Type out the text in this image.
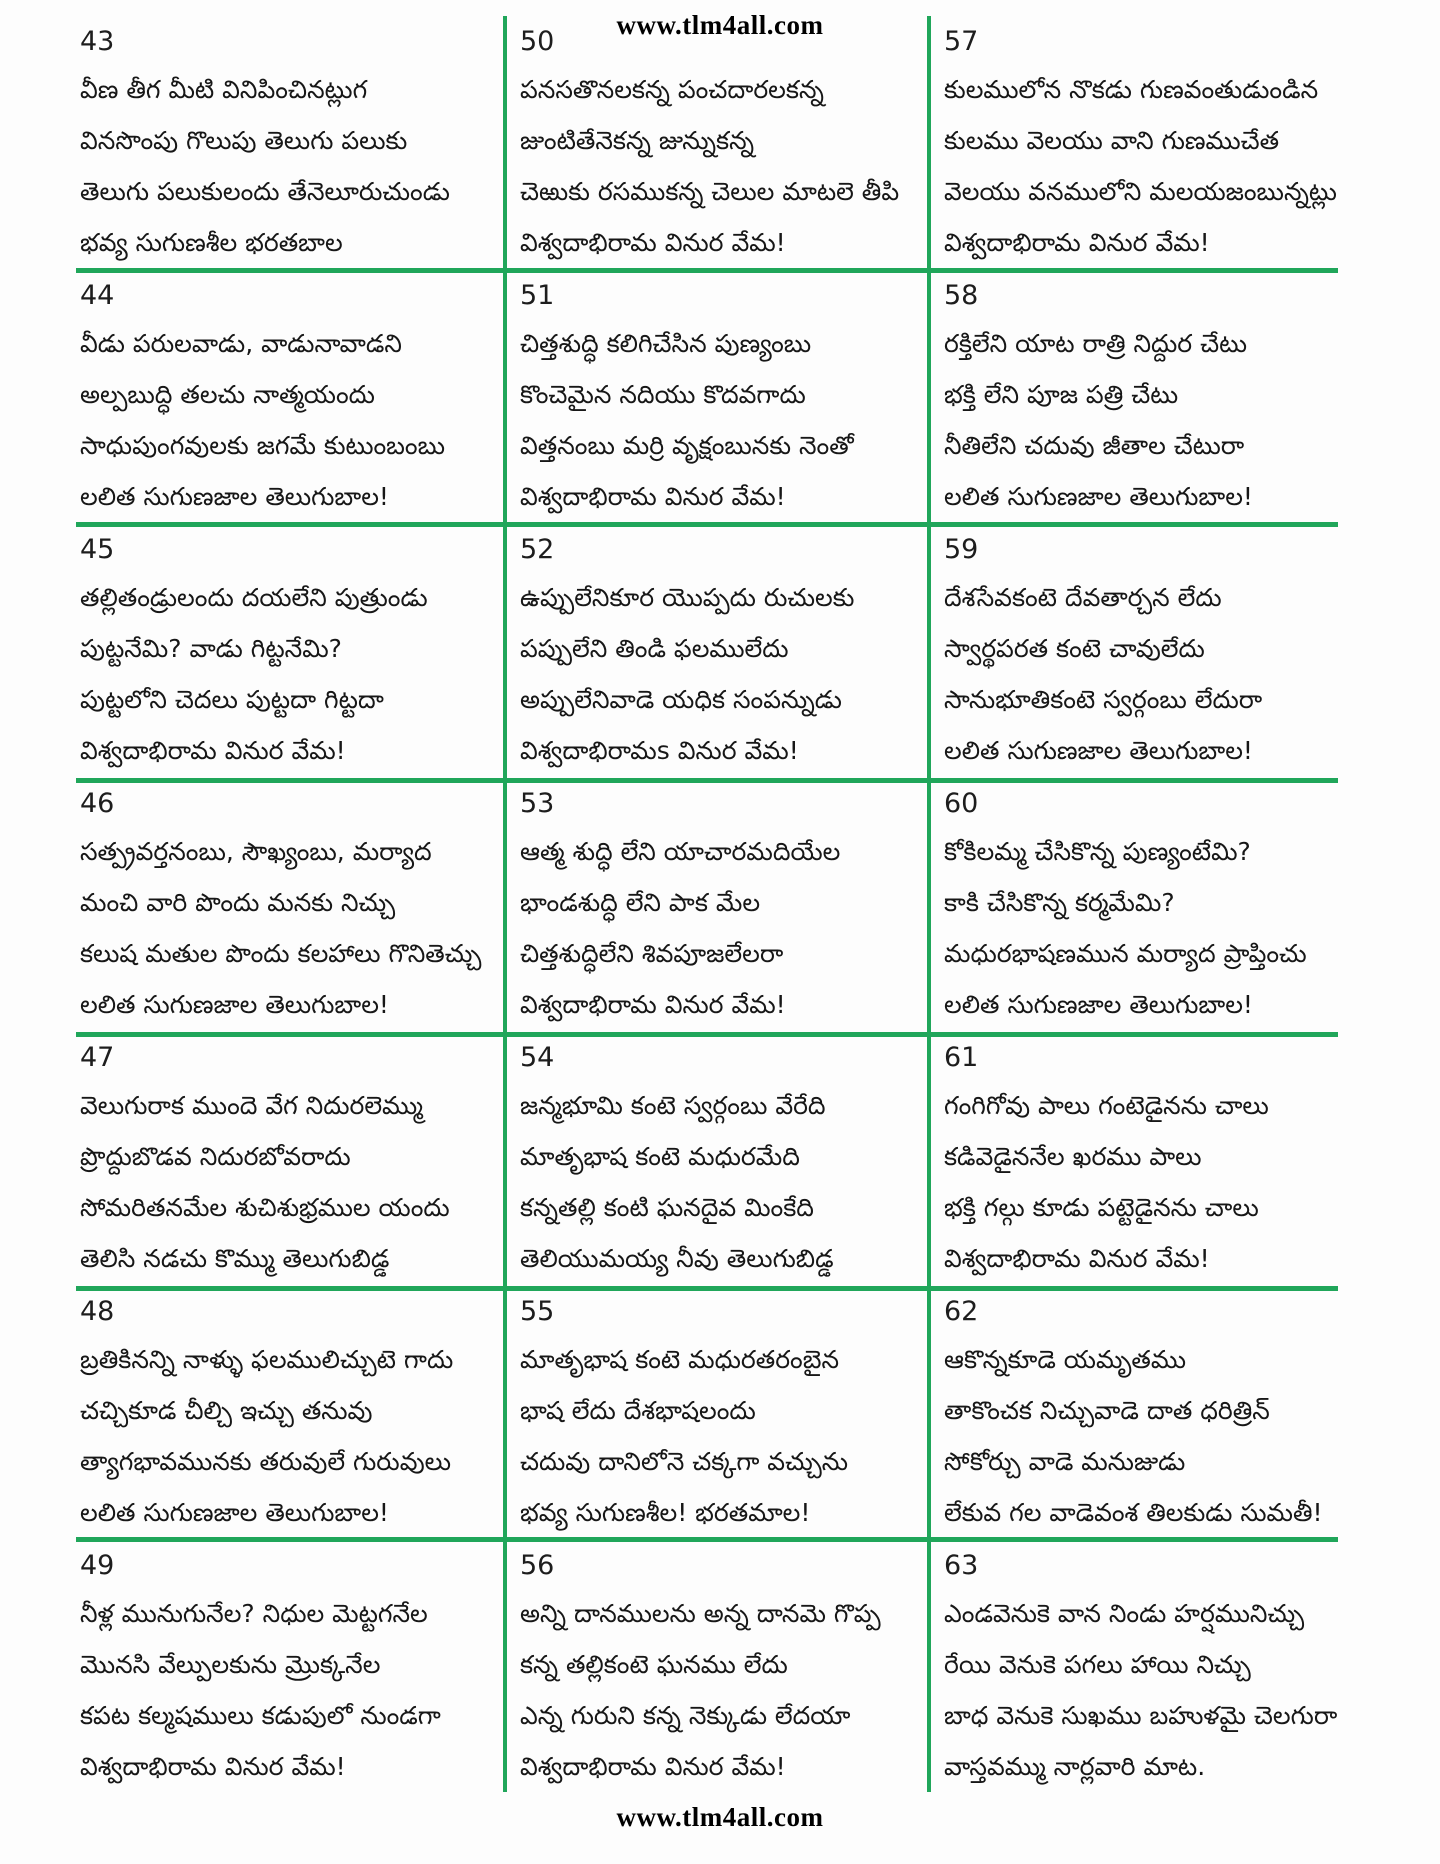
www.tlm4all.com
43
వీణ తీగ మీటి వినిపించినట్లుగ
వినసొంపు గొలుపు తెలుగు పలుకు
తెలుగు పలుకులందు తేనెలూరుచుండు
భవ్య సుగుణశీల భరతబాల
44
వీడు పరులవాడు, వాడునావాడని
అల్పబుద్ధి తలచు నాత్మయందు
సాధుపుంగవులకు జగమే కుటుంబంబు
లలిత సుగుణజాల తెలుగుబాల!
45
తల్లితండ్రులందు దయలేని పుత్రుండు
పుట్టనేమి? వాడు గిట్టనేమి?
పుట్టలోని చెదలు పుట్టదా గిట్టదా
విశ్వదాభిరామ వినుర వేమ!
46
సత్ప్రవర్తనంబు, సౌఖ్యంబు, మర్యాద
మంచి వారి పొందు మనకు నిచ్చు
కలుష మతుల పొందు కలహాలు గొనితెచ్చు
లలిత సుగుణజాల తెలుగుబాల!
47
వెలుగురాక ముందె వేగ నిదురలెమ్ము
ప్రొద్దుబొడవ నిదురబోవరాదు
సోమరితనమేల శుచిశుభ్రముల యందు
తెలిసి నడచు కొమ్ము తెలుగుబిడ్డ
48
బ్రతికినన్ని నాళ్ళు ఫలములిచ్చుటె గాదు
చచ్చికూడ చీల్చి ఇచ్చు తనువు
త్యాగభావమునకు తరువులే గురువులు
లలిత సుగుణజాల తెలుగుబాల!
49
నీళ్ల మునుగునేల? నిధుల మెట్టగనేల
మొనసి వేల్పులకును మ్రొక్కనేల
కపట కల్మషములు కడుపులో నుండగా
విశ్వదాభిరామ వినుర వేమ!
50
పనసతొనలకన్న పంచదారలకన్న
జుంటితేనెకన్న జున్నుకన్న
చెఱుకు రసముకన్న చెలుల మాటలె తీపి
విశ్వదాభిరామ వినుర వేమ!
51
చిత్తశుద్ధి కలిగిచేసిన పుణ్యంబు
కొంచెమైన నదియు కొదవగాదు
విత్తనంబు మర్రి వృక్షంబునకు నెంతో
విశ్వదాభిరామ వినుర వేమ!
52
ఉప్పులేనికూర యొప్పదు రుచులకు
పప్పులేని తిండి ఫలములేదు
అప్పులేనివాడె యధిక సంపన్నుడు
విశ్వదాభిరామs వినుర వేమ!
53
ఆత్మ శుద్ధి లేని యాచారమదియేల
భాండశుద్ధి లేని పాక మేల
చిత్తశుద్ధిలేని శివపూజలేలరా
విశ్వదాభిరామ వినుర వేమ!
54
జన్మభూమి కంటె స్వర్గంబు వేరేది
మాతృభాష కంటె మధురమేది
కన్నతల్లి కంటి ఘనదైవ మింకేది
తెలియుమయ్య నీవు తెలుగుబిడ్డ
55
మాతృభాష కంటె మధురతరంబైన
భాష లేదు దేశభాషలందు
చదువు దానిలోనె చక్కగా వచ్చును
భవ్య సుగుణశీల! భరతమాల!
56
అన్ని దానములను అన్న దానమె గొప్ప
కన్న తల్లికంటె ఘనము లేదు
ఎన్న గురుని కన్న నెక్కుడు లేదయా
విశ్వదాభిరామ వినుర వేమ!
57
కులములోన నొకడు గుణవంతుడుండిన
కులము వెలయు వాని గుణముచేత
వెలయు వనములోని మలయజంబున్నట్లు
విశ్వదాభిరామ వినుర వేమ!
58
రక్తిలేని యాట రాత్రి నిద్దుర చేటు
భక్తి లేని పూజ పత్రి చేటు
నీతిలేని చదువు జీతాల చేటురా
లలిత సుగుణజాల తెలుగుబాల!
59
దేశసేవకంటె దేవతార్చన లేదు
స్వార్థపరత కంటె చావులేదు
సానుభూతికంటె స్వర్గంబు లేదురా
లలిత సుగుణజాల తెలుగుబాల!
60
కోకిలమ్మ చేసికొన్న పుణ్యంటేమి?
కాకి చేసికొన్న కర్మమేమి?
మధురభాషణమున మర్యాద ప్రాప్తించు
లలిత సుగుణజాల తెలుగుబాల!
61
గంగిగోవు పాలు గంటెడైనను చాలు
కడివెడైననేల ఖరము పాలు
భక్తి గల్గు కూడు పట్టెడైనను చాలు
విశ్వదాభిరామ వినుర వేమ!
62
ఆకొన్నకూడె యమృతము
తాకొంచక నిచ్చువాడె దాత ధరిత్రిన్
సోకోర్చు వాడె మనుజుడు
లేకువ గల వాడెవంశ తిలకుడు సుమతీ!
63
ఎండవెనుకె వాన నిండు హర్షమునిచ్చు
రేయి వెనుకె పగలు హాయి నిచ్చు
బాధ వెనుకె సుఖము బహుళమై చెలగురా
వాస్తవమ్ము నార్లవారి మాట.
www.tlm4all.com
